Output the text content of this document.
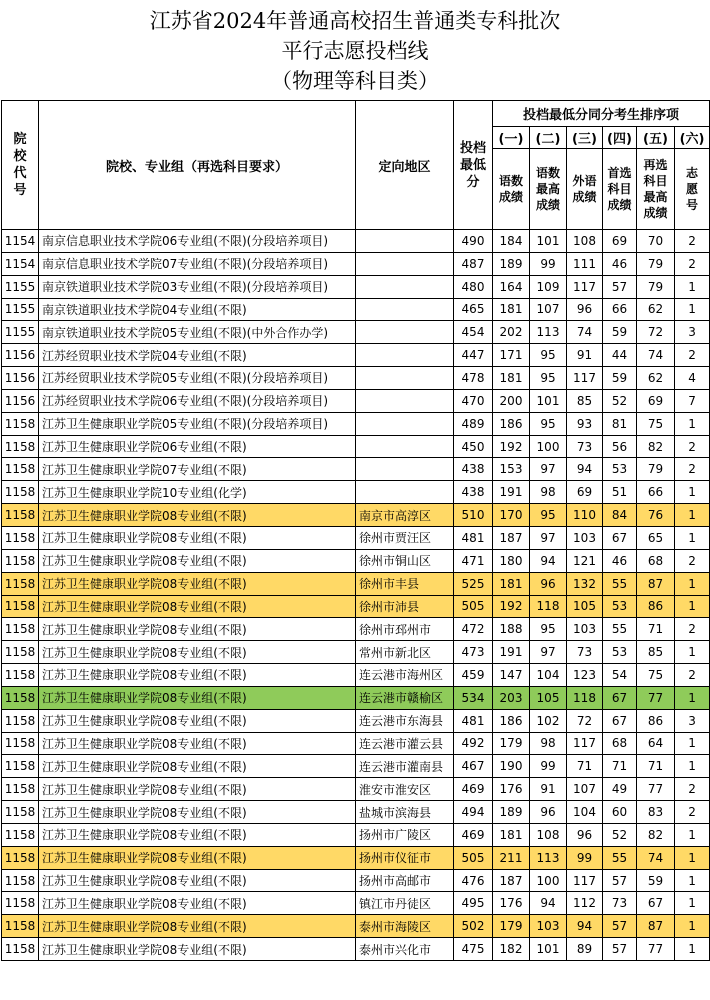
江苏省2024年普通高校招生普通类专科批次
平行志愿投档线
（物理等科目类）
院校代号	院校、专业组（再选科目要求）	定向地区	投档最低分	投档最低分同分考生排序项					
				(一)	(二)	(三)	(四)	(五)	(六)
				语数成绩	语数最高成绩	外语成绩	首选科目成绩	再选科目最高成绩	志愿号
1154	南京信息职业技术学院06专业组(不限)(分段培养项目)		490	184	101	108	69	70	2
1154	南京信息职业技术学院07专业组(不限)(分段培养项目)		487	189	99	111	46	79	2
1155	南京铁道职业技术学院03专业组(不限)(分段培养项目)		480	164	109	117	57	79	1
1155	南京铁道职业技术学院04专业组(不限)		465	181	107	96	66	62	1
1155	南京铁道职业技术学院05专业组(不限)(中外合作办学)		454	202	113	74	59	72	3
1156	江苏经贸职业技术学院04专业组(不限)		447	171	95	91	44	74	2
1156	江苏经贸职业技术学院05专业组(不限)(分段培养项目)		478	181	95	117	59	62	4
1156	江苏经贸职业技术学院06专业组(不限)(分段培养项目)		470	200	101	85	52	69	7
1158	江苏卫生健康职业学院05专业组(不限)(分段培养项目)		489	186	95	93	81	75	1
1158	江苏卫生健康职业学院06专业组(不限)		450	192	100	73	56	82	2
1158	江苏卫生健康职业学院07专业组(不限)		438	153	97	94	53	79	2
1158	江苏卫生健康职业学院10专业组(化学)		438	191	98	69	51	66	1
1158	江苏卫生健康职业学院08专业组(不限)	南京市高淳区	510	170	95	110	84	76	1
1158	江苏卫生健康职业学院08专业组(不限)	徐州市贾汪区	481	187	97	103	67	65	1
1158	江苏卫生健康职业学院08专业组(不限)	徐州市铜山区	471	180	94	121	46	68	2
1158	江苏卫生健康职业学院08专业组(不限)	徐州市丰县	525	181	96	132	55	87	1
1158	江苏卫生健康职业学院08专业组(不限)	徐州市沛县	505	192	118	105	53	86	1
1158	江苏卫生健康职业学院08专业组(不限)	徐州市邳州市	472	188	95	103	55	71	2
1158	江苏卫生健康职业学院08专业组(不限)	常州市新北区	473	191	97	73	53	85	1
1158	江苏卫生健康职业学院08专业组(不限)	连云港市海州区	459	147	104	123	54	75	2
1158	江苏卫生健康职业学院08专业组(不限)	连云港市赣榆区	534	203	105	118	67	77	1
1158	江苏卫生健康职业学院08专业组(不限)	连云港市东海县	481	186	102	72	67	86	3
1158	江苏卫生健康职业学院08专业组(不限)	连云港市灌云县	492	179	98	117	68	64	1
1158	江苏卫生健康职业学院08专业组(不限)	连云港市灌南县	467	190	99	71	71	71	1
1158	江苏卫生健康职业学院08专业组(不限)	淮安市淮安区	469	176	91	107	49	77	2
1158	江苏卫生健康职业学院08专业组(不限)	盐城市滨海县	494	189	96	104	60	83	2
1158	江苏卫生健康职业学院08专业组(不限)	扬州市广陵区	469	181	108	96	52	82	1
1158	江苏卫生健康职业学院08专业组(不限)	扬州市仪征市	505	211	113	99	55	74	1
1158	江苏卫生健康职业学院08专业组(不限)	扬州市高邮市	476	187	100	117	57	59	1
1158	江苏卫生健康职业学院08专业组(不限)	镇江市丹徒区	495	176	94	112	73	67	1
1158	江苏卫生健康职业学院08专业组(不限)	泰州市海陵区	502	179	103	94	57	87	1
1158	江苏卫生健康职业学院08专业组(不限)	泰州市兴化市	475	182	101	89	57	77	1
